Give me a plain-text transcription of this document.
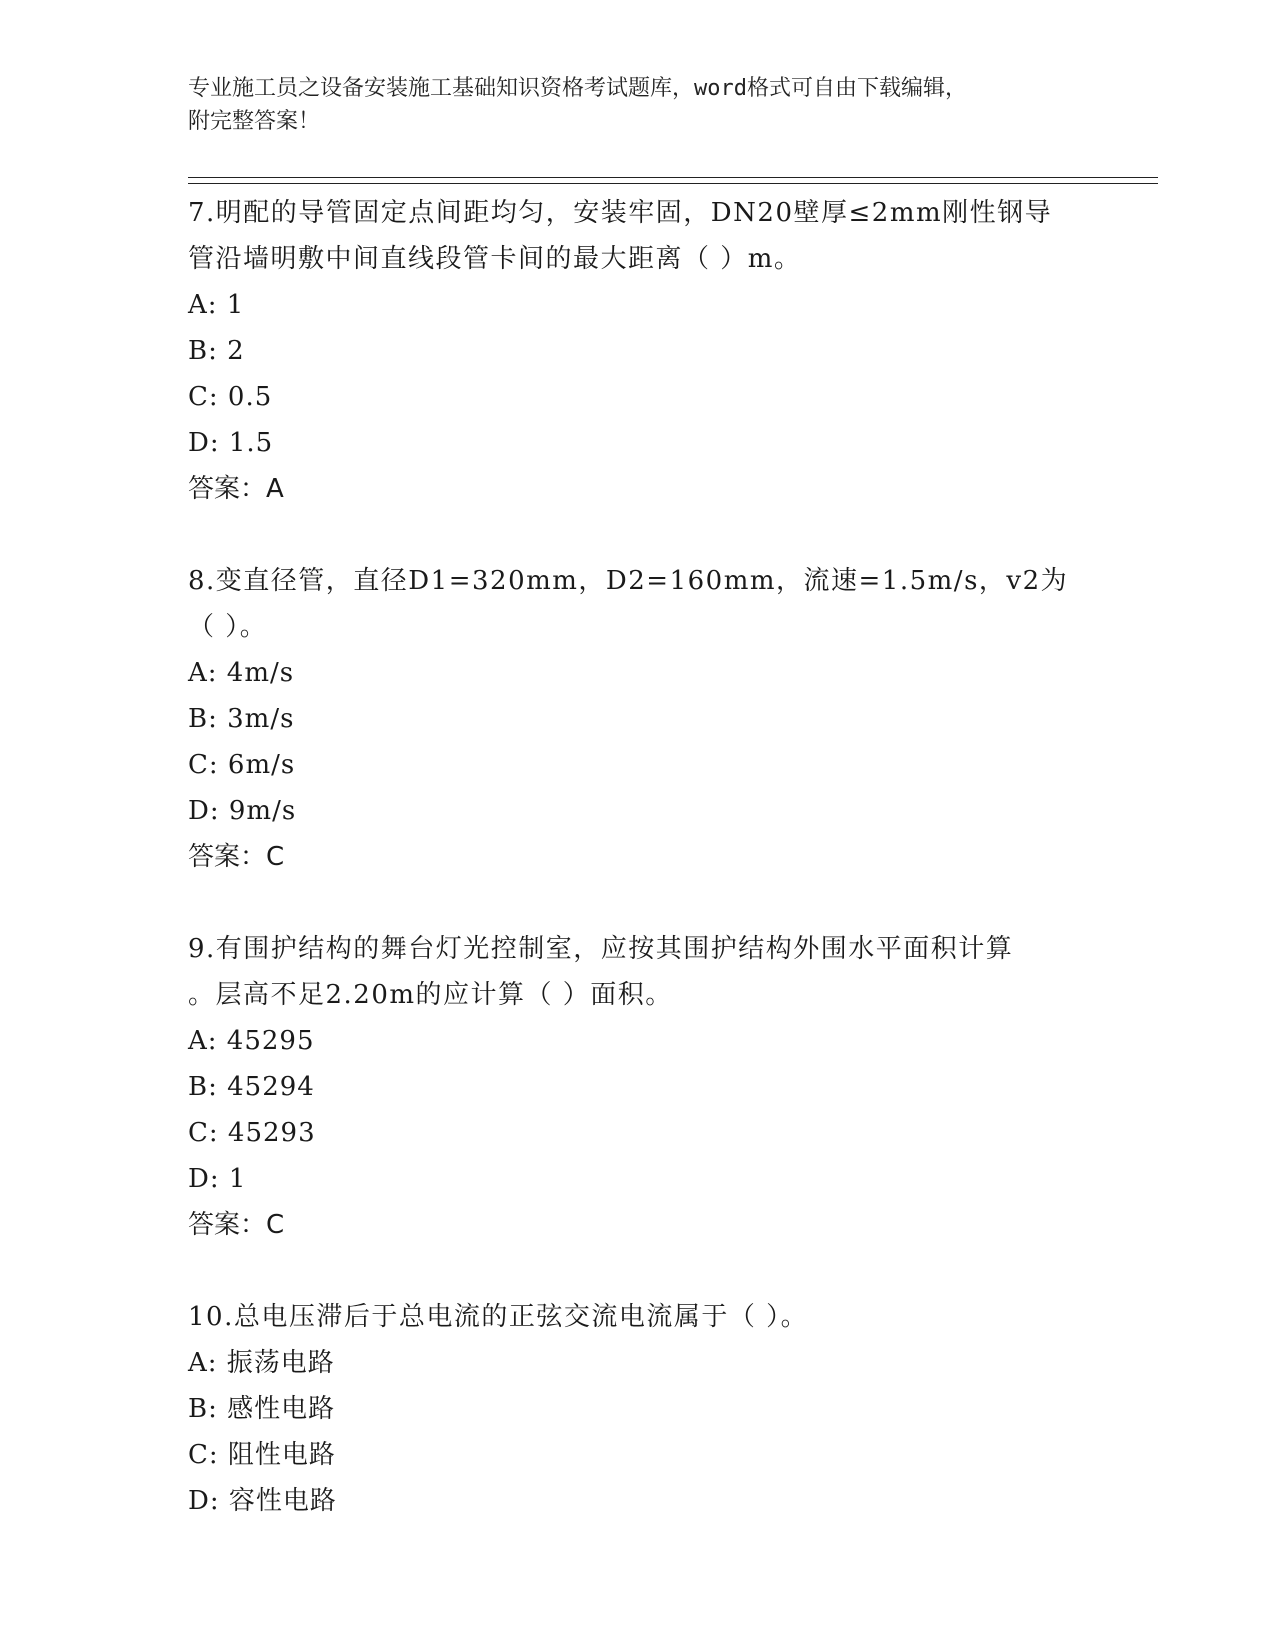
专业施工员之设备安装施工基础知识资格考试题库，word格式可自由下载编辑，
附完整答案！
7.明配的导管固定点间距均匀，安装牢固，DN20壁厚≤2mm刚性钢导
管沿墙明敷中间直线段管卡间的最大距离（ ）m。
A: 1
B: 2
C: 0.5
D: 1.5
答案：A
8.变直径管，直径D1=320mm，D2=160mm，流速=1.5m/s，v2为（ ）。
A: 4m/s
B: 3m/s
C: 6m/s
D: 9m/s
答案：C
9.有围护结构的舞台灯光控制室，应按其围护结构外围水平面积计算
。层高不足2.20m的应计算（ ）面积。
A: 45295
B: 45294
C: 45293
D: 1
答案：C
10.总电压滞后于总电流的正弦交流电流属于（ ）。
A: 振荡电路
B: 感性电路
C: 阻性电路
D: 容性电路
